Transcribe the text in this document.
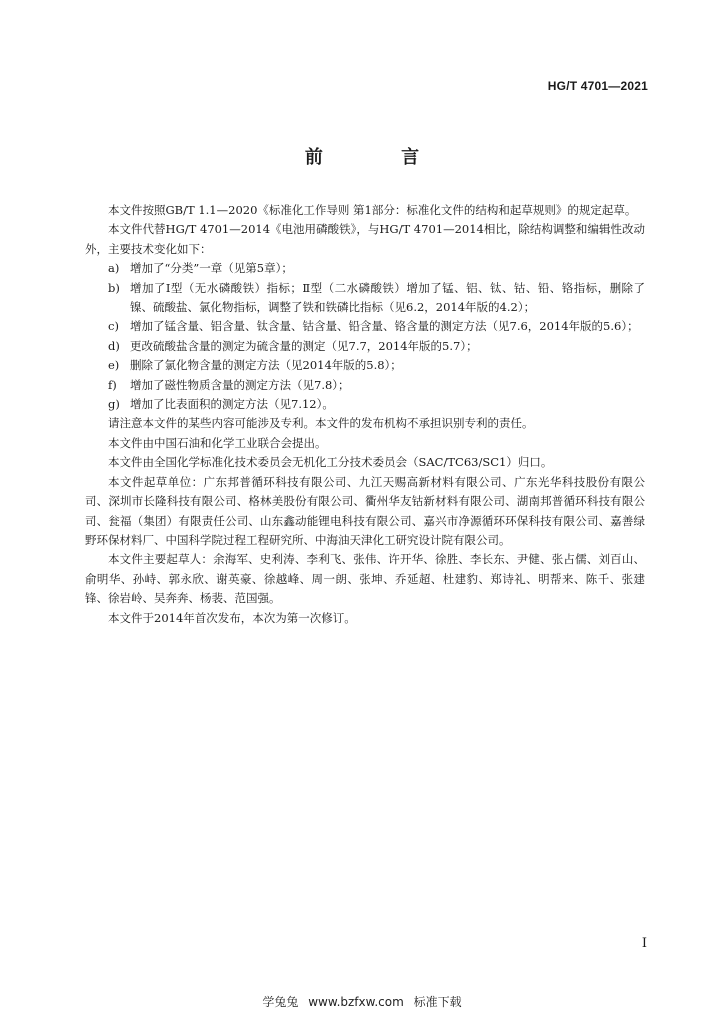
HG/T 4701—2021
前 言

本文件按照GB/T 1.1—2020《标准化工作导则 第1部分：标准化文件的结构和起草规则》的规定起草。

本文件代替HG/T 4701—2014《电池用磷酸铁》，与HG/T 4701—2014相比，除结构调整和编辑性改动外，主要技术变化如下：

a) 增加了“分类”一章（见第5章）；

b) 增加了Ⅰ型（无水磷酸铁）指标；Ⅱ型（二水磷酸铁）增加了锰、铝、钛、钴、铅、铬指标，删除了镍、硫酸盐、氯化物指标，调整了铁和铁磷比指标（见6.2，2014年版的4.2）；

c) 增加了锰含量、铝含量、钛含量、钴含量、铅含量、铬含量的测定方法（见7.6，2014年版的5.6）；

d) 更改硫酸盐含量的测定为硫含量的测定（见7.7，2014年版的5.7）；

e) 删除了氯化物含量的测定方法（见2014年版的5.8）；

f) 增加了磁性物质含量的测定方法（见7.8）；

g) 增加了比表面积的测定方法（见7.12）。

请注意本文件的某些内容可能涉及专利。本文件的发布机构不承担识别专利的责任。

本文件由中国石油和化学工业联合会提出。

本文件由全国化学标准化技术委员会无机化工分技术委员会（SAC/TC63/SC1）归口。

本文件起草单位：广东邦普循环科技有限公司、九江天赐高新材料有限公司、广东光华科技股份有限公司、深圳市长隆科技有限公司、格林美股份有限公司、衢州华友钴新材料有限公司、湖南邦普循环科技有限公司、瓮福（集团）有限责任公司、山东鑫动能锂电科技有限公司、嘉兴市净源循环环保科技有限公司、嘉善绿野环保材料厂、中国科学院过程工程研究所、中海油天津化工研究设计院有限公司。

本文件主要起草人：余海军、史利涛、李利飞、张伟、许开华、徐胜、李长东、尹健、张占儒、刘百山、俞明华、孙峙、郭永欣、谢英豪、徐越峰、周一朗、张坤、乔延超、杜建豹、郑诗礼、明帮来、陈千、张建锋、徐岩岭、吴奔奔、杨裴、范国强。

本文件于2014年首次发布，本次为第一次修订。

I
学兔兔 www.bzfxw.com 标准下载
